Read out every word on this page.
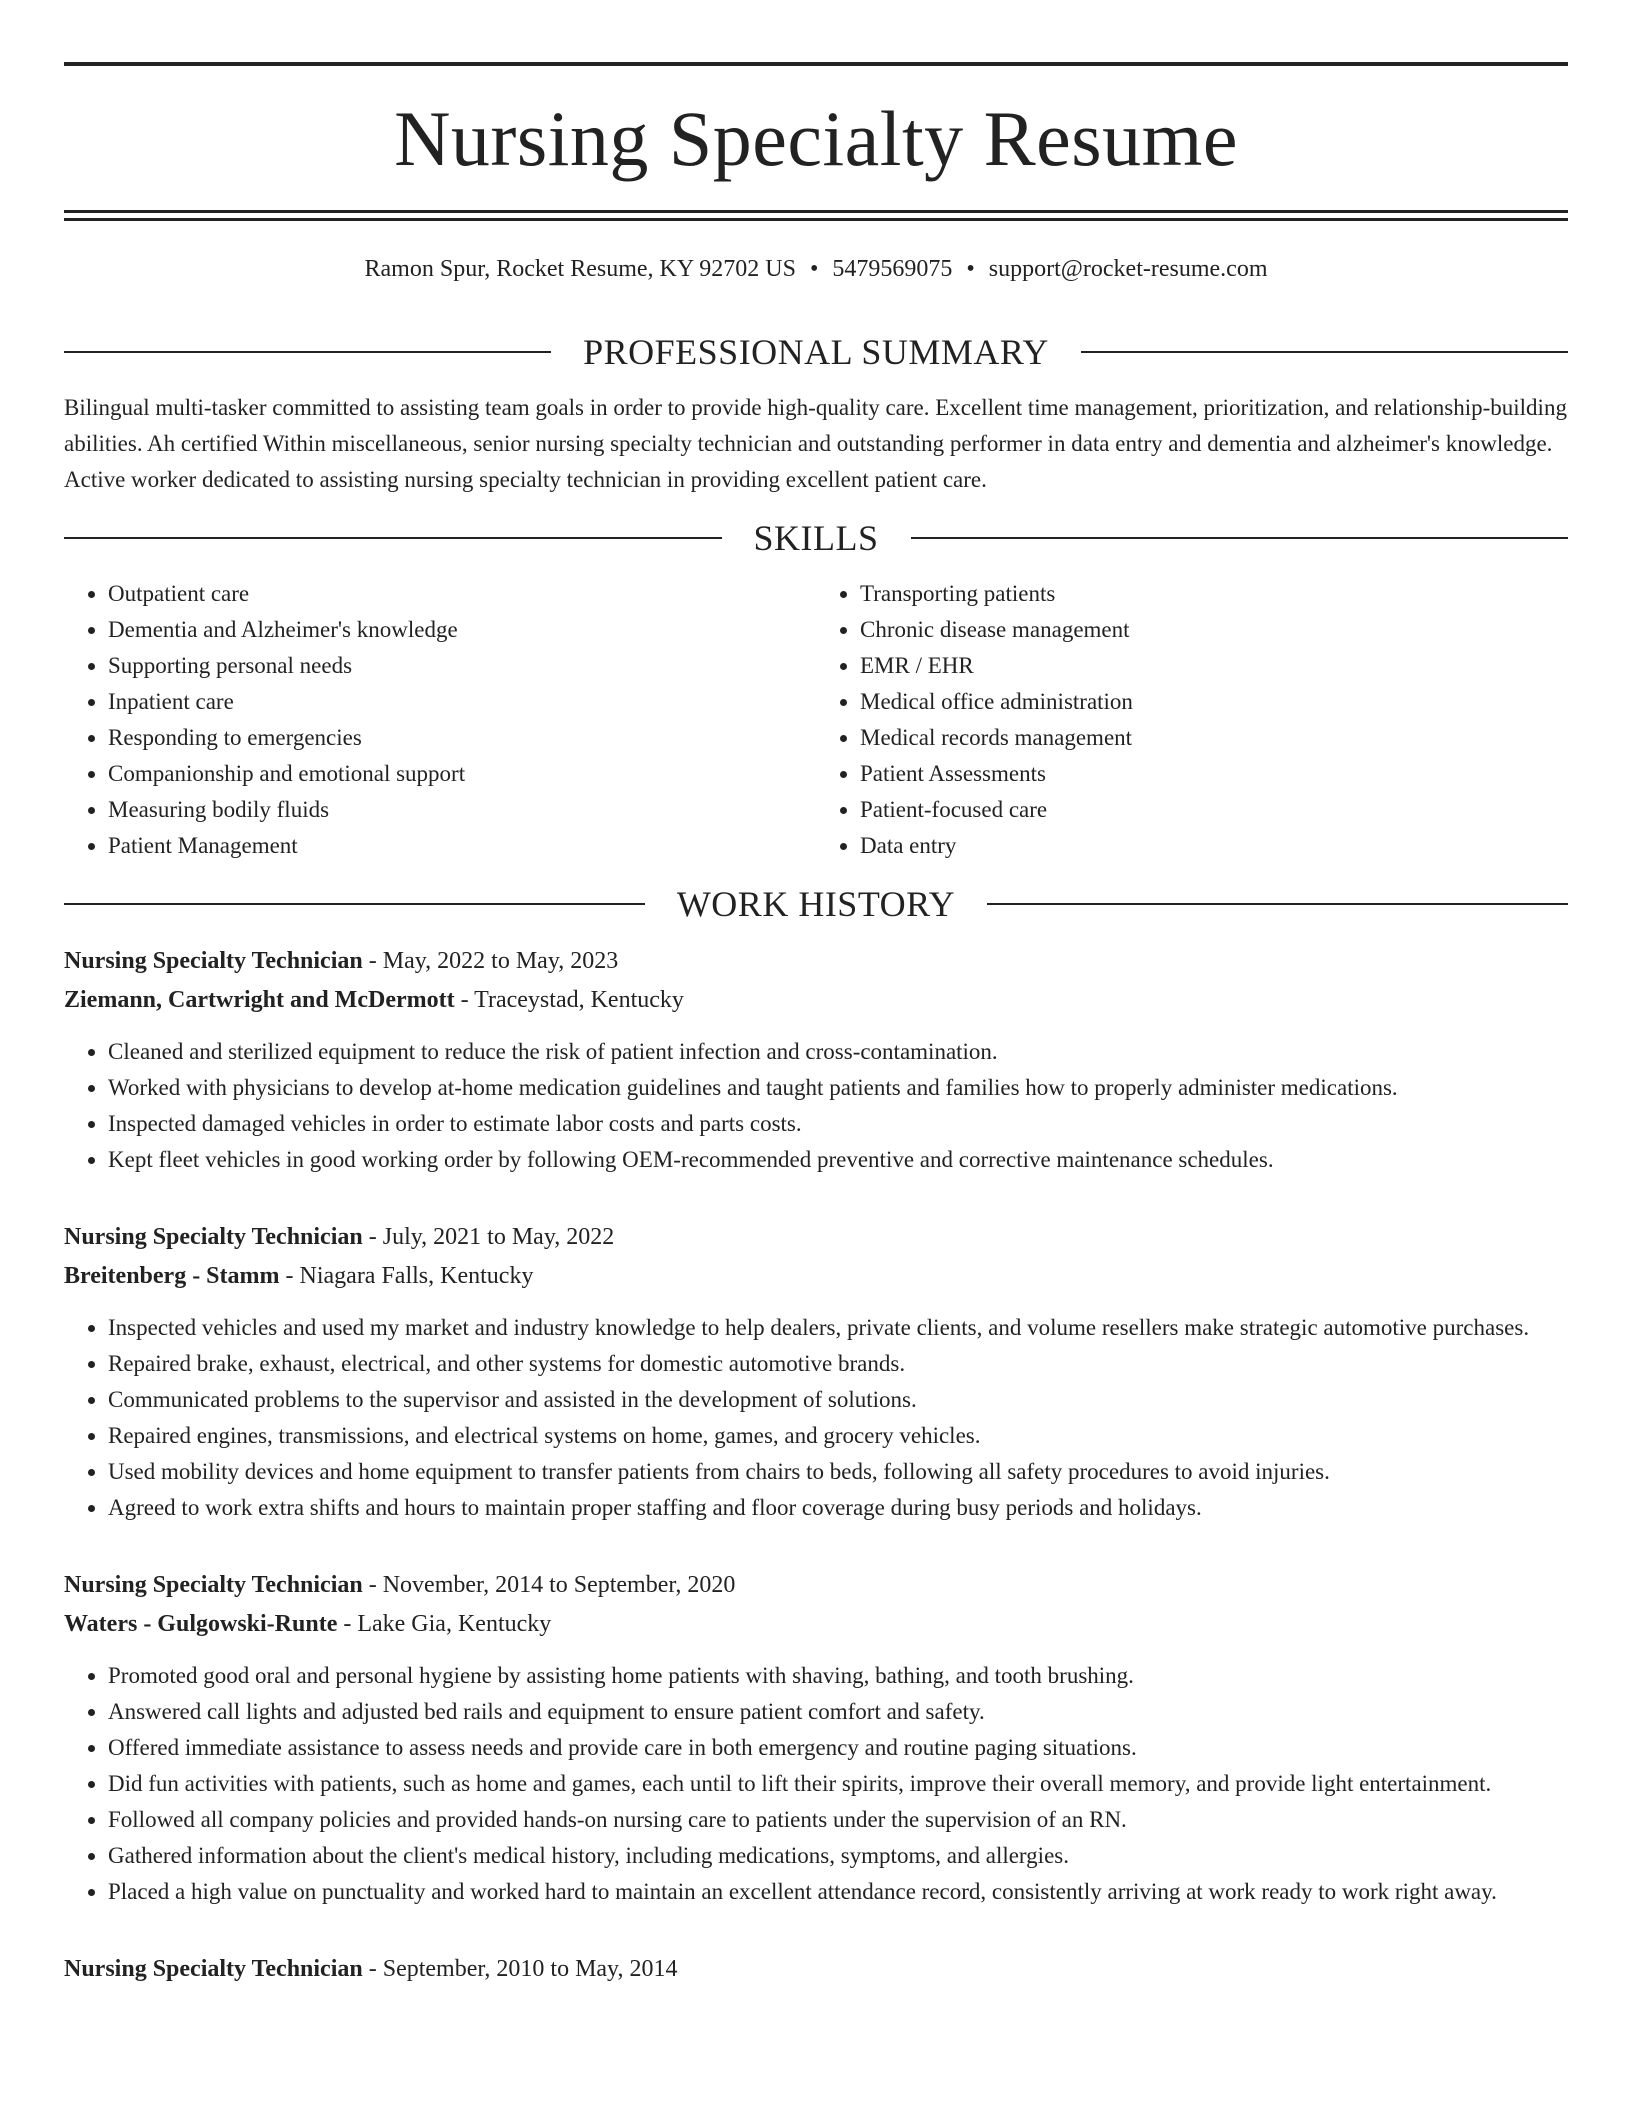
Nursing Specialty Resume
Ramon Spur, Rocket Resume, KY 92702 US • 5479569075 • support@rocket-resume.com
PROFESSIONAL SUMMARY

Bilingual multi-tasker committed to assisting team goals in order to provide high-quality care. Excellent time management, prioritization, and relationship-building abilities. Ah certified Within miscellaneous, senior nursing specialty technician and outstanding performer in data entry and dementia and alzheimer's knowledge. Active worker dedicated to assisting nursing specialty technician in providing excellent patient care.

SKILLS
• Outpatient care
• Dementia and Alzheimer's knowledge
• Supporting personal needs
• Inpatient care
• Responding to emergencies
• Companionship and emotional support
• Measuring bodily fluids
• Patient Management
• Transporting patients
• Chronic disease management
• EMR / EHR
• Medical office administration
• Medical records management
• Patient Assessments
• Patient-focused care
• Data entry
WORK HISTORY

Nursing Specialty Technician - May, 2022 to May, 2023

Ziemann, Cartwright and McDermott - Traceystad, Kentucky

• Cleaned and sterilized equipment to reduce the risk of patient infection and cross-contamination.
• Worked with physicians to develop at-home medication guidelines and taught patients and families how to properly administer medications.
• Inspected damaged vehicles in order to estimate labor costs and parts costs.
• Kept fleet vehicles in good working order by following OEM-recommended preventive and corrective maintenance schedules.

Nursing Specialty Technician - July, 2021 to May, 2022

Breitenberg - Stamm - Niagara Falls, Kentucky

• Inspected vehicles and used my market and industry knowledge to help dealers, private clients, and volume resellers make strategic automotive purchases.
• Repaired brake, exhaust, electrical, and other systems for domestic automotive brands.
• Communicated problems to the supervisor and assisted in the development of solutions.
• Repaired engines, transmissions, and electrical systems on home, games, and grocery vehicles.
• Used mobility devices and home equipment to transfer patients from chairs to beds, following all safety procedures to avoid injuries.
• Agreed to work extra shifts and hours to maintain proper staffing and floor coverage during busy periods and holidays.

Nursing Specialty Technician - November, 2014 to September, 2020

Waters - Gulgowski-Runte - Lake Gia, Kentucky

• Promoted good oral and personal hygiene by assisting home patients with shaving, bathing, and tooth brushing.
• Answered call lights and adjusted bed rails and equipment to ensure patient comfort and safety.
• Offered immediate assistance to assess needs and provide care in both emergency and routine paging situations.
• Did fun activities with patients, such as home and games, each until to lift their spirits, improve their overall memory, and provide light entertainment.
• Followed all company policies and provided hands-on nursing care to patients under the supervision of an RN.
• Gathered information about the client's medical history, including medications, symptoms, and allergies.
• Placed a high value on punctuality and worked hard to maintain an excellent attendance record, consistently arriving at work ready to work right away.

Nursing Specialty Technician - September, 2010 to May, 2014
